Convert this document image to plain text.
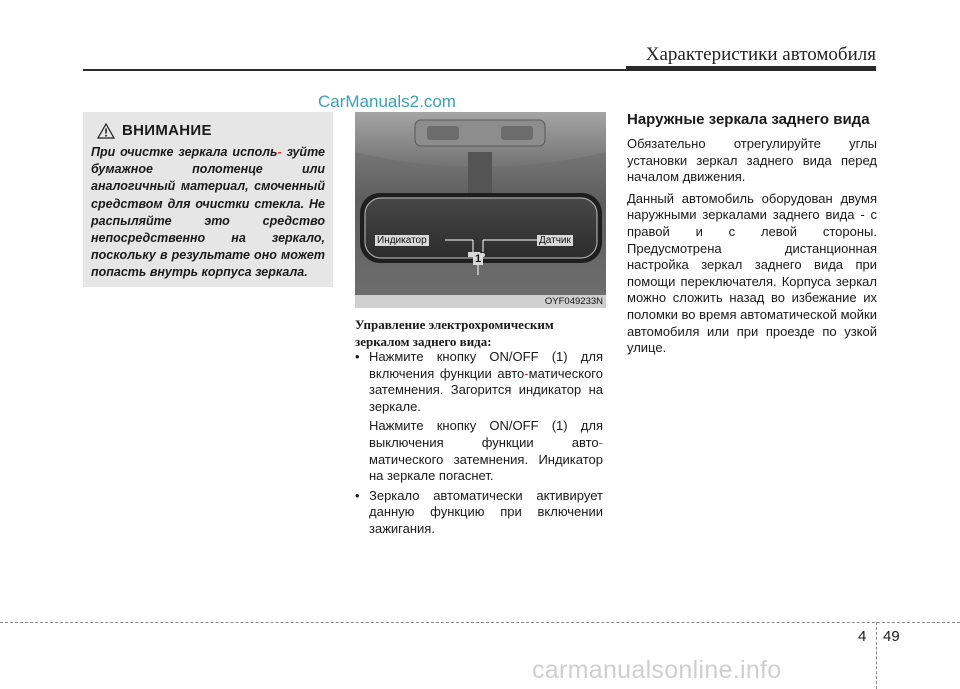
Характеристики автомобиля
CarManuals2.com
ВНИМАНИЕ

При очистке зеркала исполь- зуйте бумажное полотенце или аналогичный материал, смоченный средством для очистки стекла. Не распыляйте это средство непосредственно на зеркало, поскольку в результате оно может попасть внутрь корпуса зеркала.

Индикатор	Датчик
1
OYF049233N
Управление электрохромическим зеркалом заднего вида:
• Нажмите кнопку ON/OFF (1) для включения функции авто-матического затемнения. Загорится индикатор на зеркале.

Нажмите кнопку ON/OFF (1) для выключения функции авто-матического затемнения. Индикатор на зеркале погаснет.

• Зеркало автоматически активирует данную функцию при включении зажигания.

Наружные зеркала заднего вида

Обязательно отрегулируйте углы установки зеркал заднего вида перед началом движения.

Данный автомобиль оборудован двумя наружными зеркалами заднего вида - с правой и с левой стороны. Предусмотрена дистанционная настройка зеркал заднего вида при помощи переключателя. Корпуса зеркал можно сложить назад во избежание их поломки во время автоматической мойки автомобиля или при проезде по узкой улице.

4 49
carmanualsonline.info
